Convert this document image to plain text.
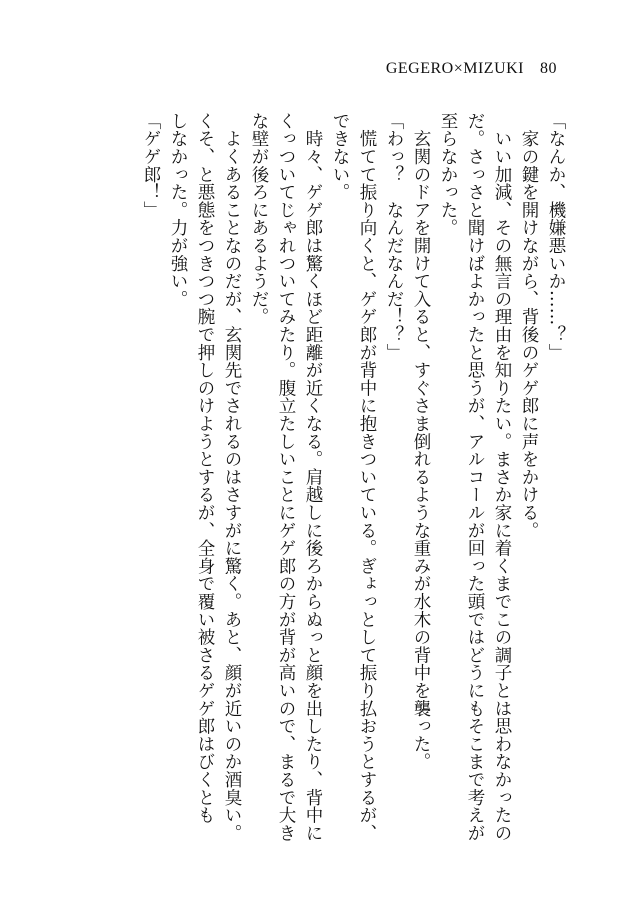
GEGERO×MIZUKI 80

「なんか、機嫌悪いか……？」

　家の鍵を開けながら、背後のゲゲ郎に声をかける。

　いい加減、その無言の理由を知りたい。まさか家に着くまでこの調子とは思わなかったの

だ。さっさと聞けばよかったと思うが、アルコールが回った頭ではどうにもそこまで考えが

至らなかった。

　玄関のドアを開けて入ると、すぐさま倒れるような重みが水木の背中を襲った。

「わっ？　なんだなんだ！？」

　慌てて振り向くと、ゲゲ郎が背中に抱きついている。ぎょっとして振り払おうとするが、

できない。

　時々、ゲゲ郎は驚くほど距離が近くなる。肩越しに後ろからぬっと顔を出したり、背中に

くっついてじゃれついてみたり。腹立たしいことにゲゲ郎の方が背が高いので、まるで大き

な壁が後ろにあるようだ。

　よくあることなのだが、玄関先でされるのはさすがに驚く。あと、顔が近いのか酒臭い。

くそ、と悪態をつきつつ腕で押しのけようとするが、全身で覆い被さるゲゲ郎はびくとも

しなかった。力が強い。

「ゲゲ郎！」
